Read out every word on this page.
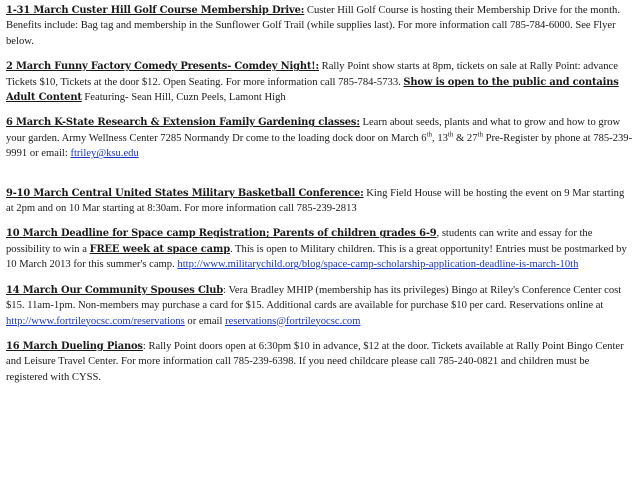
1-31 March Custer Hill Golf Course Membership Drive: Custer Hill Golf Course is hosting their Membership Drive for the month. Benefits include: Bag tag and membership in the Sunflower Golf Trail (while supplies last). For more information call 785-784-6000. See Flyer below.

2 March Funny Factory Comedy Presents- Comdey Night!: Rally Point show starts at 8pm, tickets on sale at Rally Point: advance Tickets $10, Tickets at the door $12. Open Seating. For more information call 785-784-5733. Show is open to the public and contains Adult Content Featuring- Sean Hill, Cuzn Peels, Lamont High

6 March K-State Research & Extension Family Gardening classes: Learn about seeds, plants and what to grow and how to grow your garden. Army Wellness Center 7285 Normandy Dr come to the loading dock door on March 6th, 13th & 27th Pre-Register by phone at 785-239-9991 or email: ftriley@ksu.edu

9-10 March Central United States Military Basketball Conference: King Field House will be hosting the event on 9 Mar starting at 2pm and on 10 Mar starting at 8:30am. For more information call 785-239-2813

10 March Deadline for Space camp Registration; Parents of children grades 6-9, students can write and essay for the possibility to win a FREE week at space camp. This is open to Military children. This is a great opportunity! Entries must be postmarked by 10 March 2013 for this summer's camp. http://www.militarychild.org/blog/space-camp-scholarship-application-deadline-is-march-10th

14 March Our Community Spouses Club: Vera Bradley MHIP (membership has its privileges) Bingo at Riley's Conference Center cost $15. 11am-1pm. Non-members may purchase a card for $15. Additional cards are available for purchase $10 per card. Reservations online at http://www.fortrileyocsc.com/reservations or email reservations@fortrileyocsc.com

16 March Dueling Pianos: Rally Point doors open at 6:30pm $10 in advance, $12 at the door. Tickets available at Rally Point Bingo Center and Leisure Travel Center. For more information call 785-239-6398. If you need childcare please call 785-240-0821 and children must be registered with CYSS.
